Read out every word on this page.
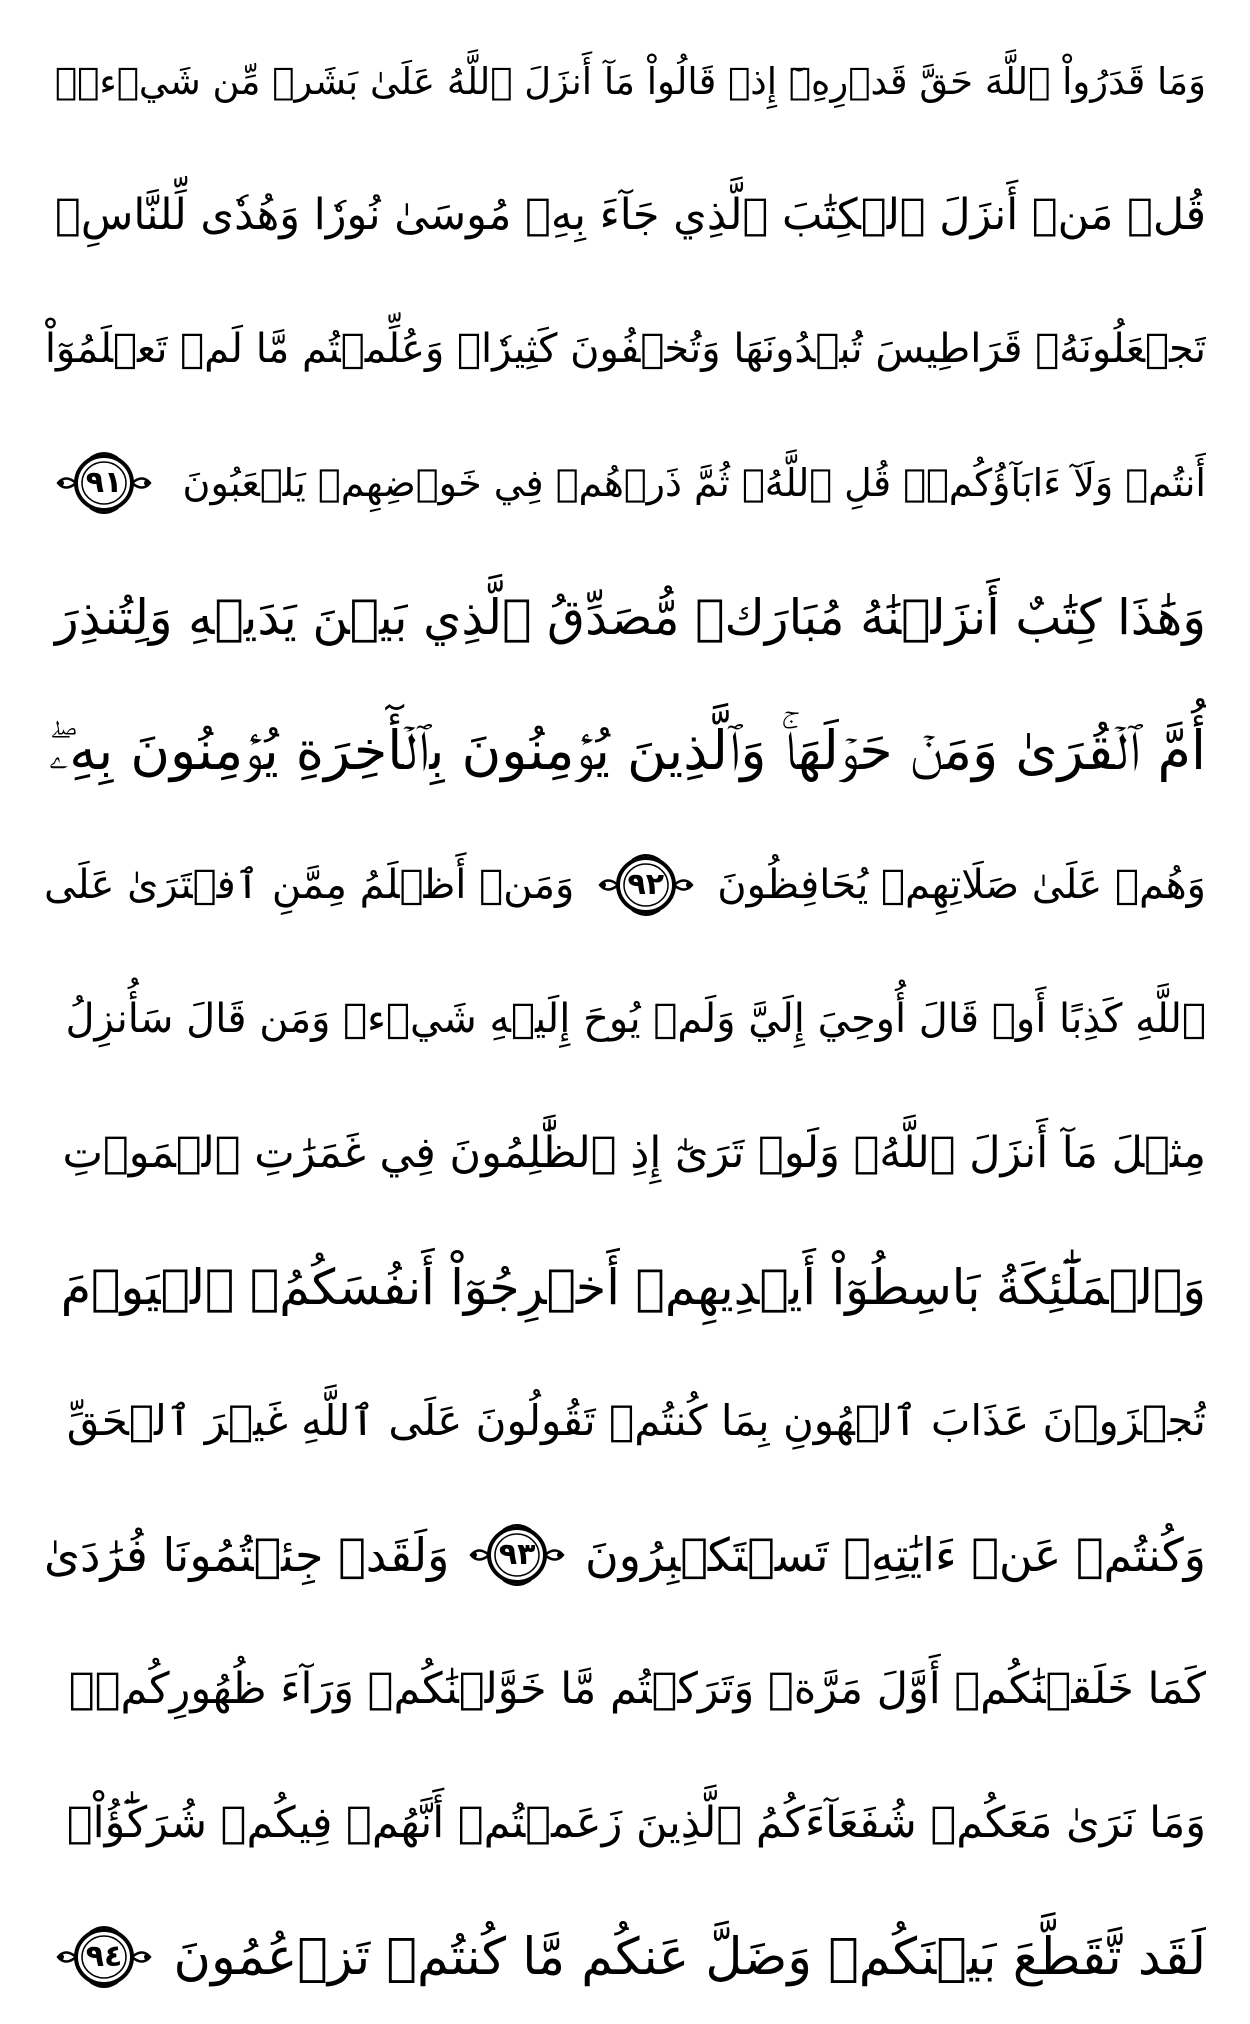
وَمَا قَدَرُواْ ٱللَّهَ حَقَّ قَدۡرِهِۦٓ إِذۡ قَالُواْ مَآ أَنزَلَ ٱللَّهُ عَلَىٰ بَشَرٖ مِّن شَيۡءٖۗ
قُلۡ مَنۡ أَنزَلَ ٱلۡكِتَٰبَ ٱلَّذِي جَآءَ بِهِۦ مُوسَىٰ نُورٗا وَهُدٗى لِّلنَّاسِۖ
تَجۡعَلُونَهُۥ قَرَاطِيسَ تُبۡدُونَهَا وَتُخۡفُونَ كَثِيرٗاۖ وَعُلِّمۡتُم مَّا لَمۡ تَعۡلَمُوٓاْ
أَنتُمۡ وَلَآ ءَابَآؤُكُمۡۖ قُلِ ٱللَّهُۖ ثُمَّ ذَرۡهُمۡ فِي خَوۡضِهِمۡ يَلۡعَبُونَ
٩١
وَهَٰذَا كِتَٰبٌ أَنزَلۡنَٰهُ مُبَارَكٞ مُّصَدِّقُ ٱلَّذِي بَيۡنَ يَدَيۡهِ وَلِتُنذِرَ
أُمَّ ٱلۡقُرَىٰ وَمَنۡ حَوۡلَهَاۚ وَٱلَّذِينَ يُؤۡمِنُونَ بِٱلۡأٓخِرَةِ يُؤۡمِنُونَ بِهِۦۖ
وَهُمۡ عَلَىٰ صَلَاتِهِمۡ يُحَافِظُونَ
٩٢
وَمَنۡ أَظۡلَمُ مِمَّنِ ٱفۡتَرَىٰ عَلَى
ٱللَّهِ كَذِبًا أَوۡ قَالَ أُوحِيَ إِلَيَّ وَلَمۡ يُوحَ إِلَيۡهِ شَيۡءٞ وَمَن قَالَ سَأُنزِلُ
مِثۡلَ مَآ أَنزَلَ ٱللَّهُۗ وَلَوۡ تَرَىٰٓ إِذِ ٱلظَّٰلِمُونَ فِي غَمَرَٰتِ ٱلۡمَوۡتِ
وَٱلۡمَلَٰٓئِكَةُ بَاسِطُوٓاْ أَيۡدِيهِمۡ أَخۡرِجُوٓاْ أَنفُسَكُمُۖ ٱلۡيَوۡمَ
تُجۡزَوۡنَ عَذَابَ ٱلۡهُونِ بِمَا كُنتُمۡ تَقُولُونَ عَلَى ٱللَّهِ غَيۡرَ ٱلۡحَقِّ
وَكُنتُمۡ عَنۡ ءَايَٰتِهِۦ تَسۡتَكۡبِرُونَ
٩٣
وَلَقَدۡ جِئۡتُمُونَا فُرَٰدَىٰ
كَمَا خَلَقۡنَٰكُمۡ أَوَّلَ مَرَّةٖ وَتَرَكۡتُم مَّا خَوَّلۡنَٰكُمۡ وَرَآءَ ظُهُورِكُمۡۖ
وَمَا نَرَىٰ مَعَكُمۡ شُفَعَآءَكُمُ ٱلَّذِينَ زَعَمۡتُمۡ أَنَّهُمۡ فِيكُمۡ شُرَكَٰٓؤُاْۚ
لَقَد تَّقَطَّعَ بَيۡنَكُمۡ وَضَلَّ عَنكُم مَّا كُنتُمۡ تَزۡعُمُونَ
٩٤
